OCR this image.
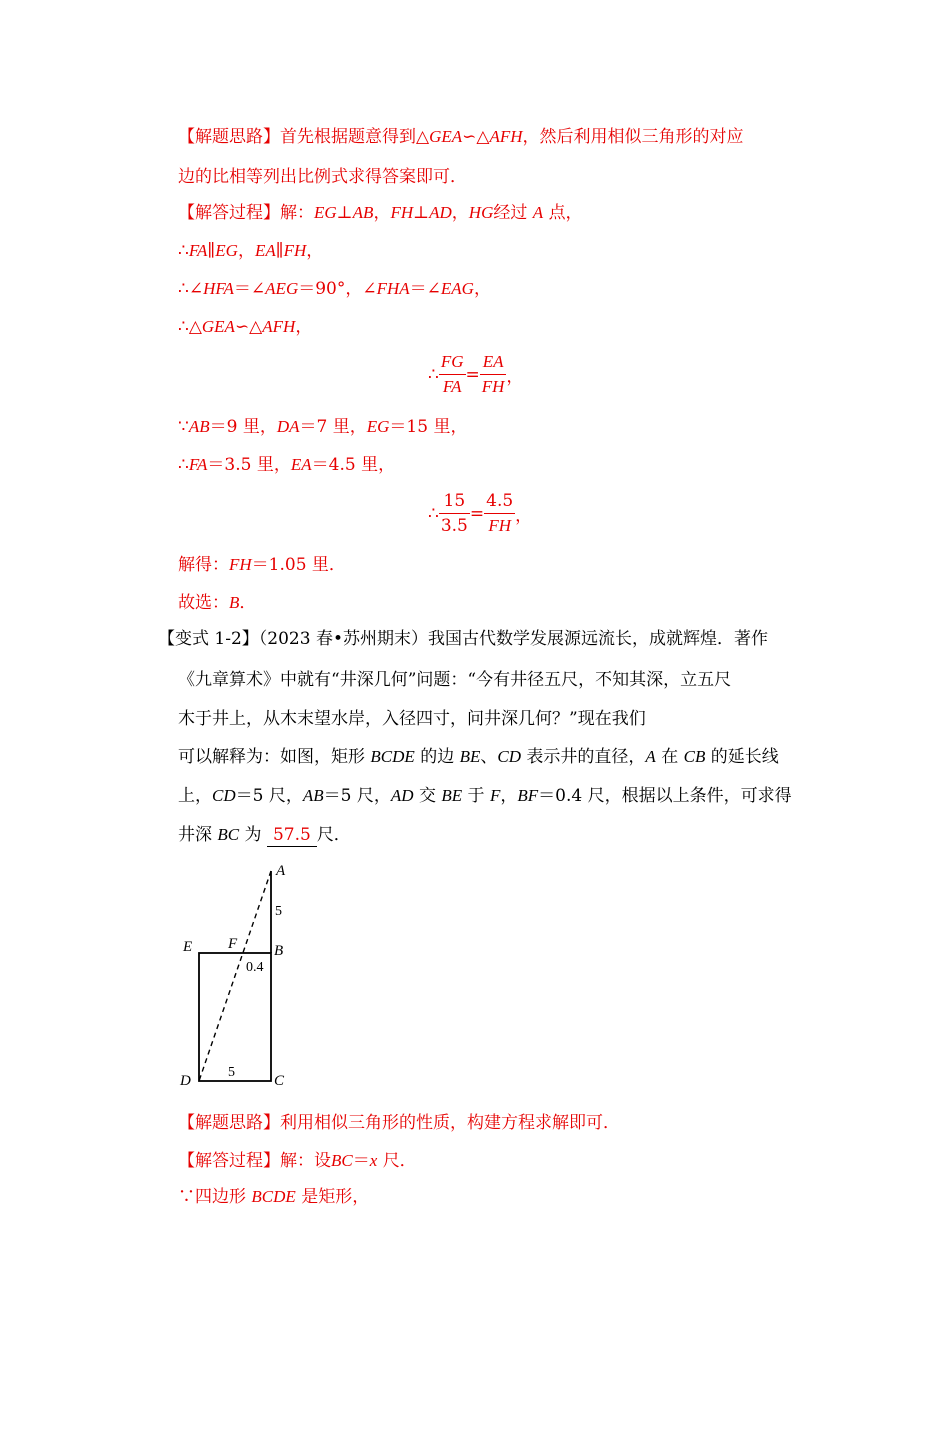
【解题思路】首先根据题意得到△GEA∽△AFH，然后利用相似三角形的对应
边的比相等列出比例式求得答案即可．
【解答过程】解：EG⊥AB，FH⊥AD，HG经过 A 点，
∴FA∥EG，EA∥FH，
∴∠HFA＝∠AEG＝90°，∠FHA＝∠EAG，
∴△GEA∽△AFH，
∴ $\frac{FG}{FA} = \frac{EA}{FH}$ ，
∵AB＝9 里，DA＝7 里，EG＝15 里，
∴FA＝3.5 里，EA＝4.5 里，
∴ $\frac{15}{3.5} = \frac{4.5}{FH}$ ，
解得：FH＝1.05 里．
故选：B．
【变式 1-2】（2023 春•苏州期末）我国古代数学发展源远流长，成就辉煌．著作
《九章算术》中就有“井深几何”问题：“今有井径五尺，不知其深，立五尺
木于井上，从木末望水岸，入径四寸，问井深几何？”现在我们
可以解释为：如图，矩形 BCDE 的边 BE、CD 表示井的直径，A 在 CB 的延长线
上，CD＝5 尺，AB＝5 尺，AD 交 BE 于 F，BF＝0.4 尺，根据以上条件，可求得
井深 BC 为 57.5 尺．
A
B
C
D
E F
5
0.4
5
【解题思路】利用相似三角形的性质，构建方程求解即可．
【解答过程】解：设BC＝x 尺．
∵四边形 BCDE 是矩形，
